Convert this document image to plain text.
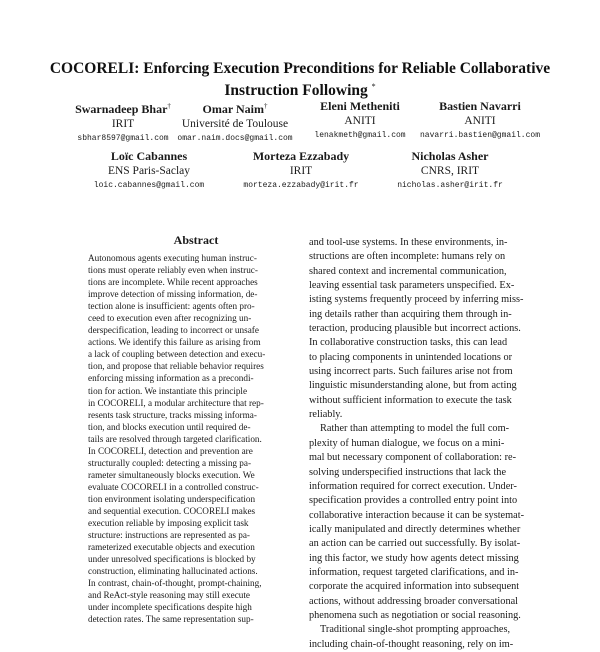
COCORELI: Enforcing Execution Preconditions for Reliable Collaborative
Instruction Following *
Swarnadeep Bhar†
IRIT
sbhar8597@gmail.com
Omar Naim†
Université de Toulouse
omar.naim.docs@gmail.com
Eleni Metheniti
ANITI
lenakmeth@gmail.com
Bastien Navarri
ANITI
navarri.bastien@gmail.com
Loïc Cabannes
ENS Paris-Saclay
loic.cabannes@gmail.com
Morteza Ezzabady
IRIT
morteza.ezzabady@irit.fr
Nicholas Asher
CNRS, IRIT
nicholas.asher@irit.fr
Abstract
Autonomous agents executing human instruc-
tions must operate reliably even when instruc-
tions are incomplete. While recent approaches
improve detection of missing information, de-
tection alone is insufficient: agents often pro-
ceed to execution even after recognizing un-
derspecification, leading to incorrect or unsafe
actions. We identify this failure as arising from
a lack of coupling between detection and execu-
tion, and propose that reliable behavior requires
enforcing missing information as a precondi-
tion for action. We instantiate this principle
in COCORELI, a modular architecture that rep-
resents task structure, tracks missing informa-
tion, and blocks execution until required de-
tails are resolved through targeted clarification.
In COCORELI, detection and prevention are
structurally coupled: detecting a missing pa-
rameter simultaneously blocks execution. We
evaluate COCORELI in a controlled construc-
tion environment isolating underspecification
and sequential execution. COCORELI makes
execution reliable by imposing explicit task
structure: instructions are represented as pa-
rameterized executable objects and execution
under unresolved specifications is blocked by
construction, eliminating hallucinated actions.
In contrast, chain-of-thought, prompt-chaining,
and ReAct-style reasoning may still execute
under incomplete specifications despite high
detection rates. The same representation sup-
and tool-use systems. In these environments, in-
structions are often incomplete: humans rely on
shared context and incremental communication,
leaving essential task parameters unspecified. Ex-
isting systems frequently proceed by inferring miss-
ing details rather than acquiring them through in-
teraction, producing plausible but incorrect actions.
In collaborative construction tasks, this can lead
to placing components in unintended locations or
using incorrect parts. Such failures arise not from
linguistic misunderstanding alone, but from acting
without sufficient information to execute the task
reliably.
Rather than attempting to model the full com-
plexity of human dialogue, we focus on a mini-
mal but necessary component of collaboration: re-
solving underspecified instructions that lack the
information required for correct execution. Under-
specification provides a controlled entry point into
collaborative interaction because it can be systemat-
ically manipulated and directly determines whether
an action can be carried out successfully. By isolat-
ing this factor, we study how agents detect missing
information, request targeted clarifications, and in-
corporate the acquired information into subsequent
actions, without addressing broader conversational
phenomena such as negotiation or social reasoning.
Traditional single-shot prompting approaches,
including chain-of-thought reasoning, rely on im-
